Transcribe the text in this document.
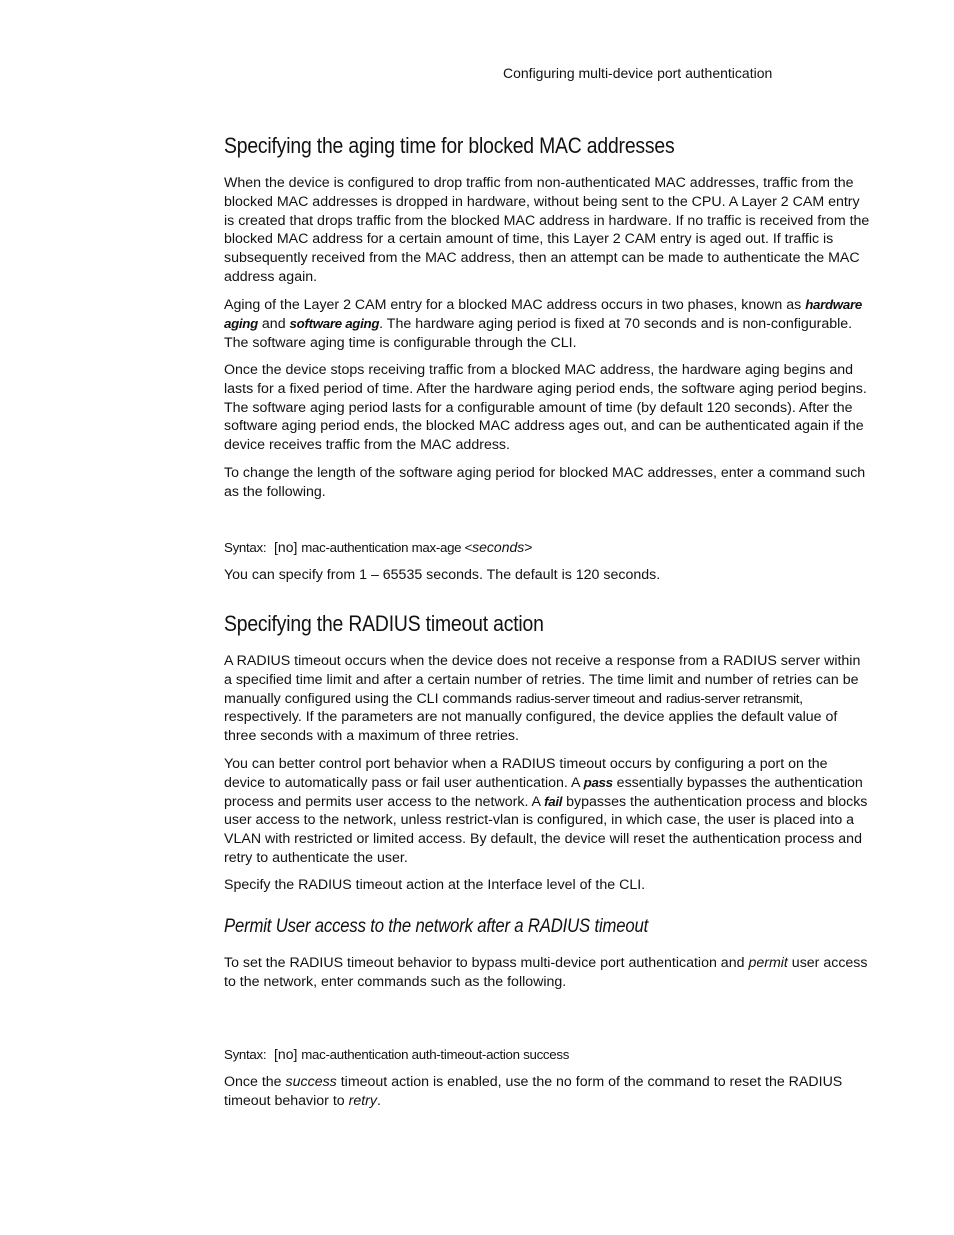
Configuring multi-device port authentication
Specifying the aging time for blocked MAC addresses

When the device is configured to drop traffic from non-authenticated MAC addresses, traffic from the blocked MAC addresses is dropped in hardware, without being sent to the CPU. A Layer 2 CAM entry is created that drops traffic from the blocked MAC address in hardware. If no traffic is received from the blocked MAC address for a certain amount of time, this Layer 2 CAM entry is aged out. If traffic is subsequently received from the MAC address, then an attempt can be made to authenticate the MAC address again.

Aging of the Layer 2 CAM entry for a blocked MAC address occurs in two phases, known as hardware aging and software aging. The hardware aging period is fixed at 70 seconds and is non-configurable. The software aging time is configurable through the CLI.

Once the device stops receiving traffic from a blocked MAC address, the hardware aging begins and lasts for a fixed period of time. After the hardware aging period ends, the software aging period begins. The software aging period lasts for a configurable amount of time (by default 120 seconds). After the software aging period ends, the blocked MAC address ages out, and can be authenticated again if the device receives traffic from the MAC address.

To change the length of the software aging period for blocked MAC addresses, enter a command such as the following.

Syntax: [no] mac-authentication max-age <seconds>

You can specify from 1 – 65535 seconds. The default is 120 seconds.

Specifying the RADIUS timeout action

A RADIUS timeout occurs when the device does not receive a response from a RADIUS server within a specified time limit and after a certain number of retries. The time limit and number of retries can be manually configured using the CLI commands radius-server timeout and radius-server retransmit, respectively. If the parameters are not manually configured, the device applies the default value of three seconds with a maximum of three retries.

You can better control port behavior when a RADIUS timeout occurs by configuring a port on the device to automatically pass or fail user authentication. A pass essentially bypasses the authentication process and permits user access to the network. A fail bypasses the authentication process and blocks user access to the network, unless restrict-vlan is configured, in which case, the user is placed into a VLAN with restricted or limited access. By default, the device will reset the authentication process and retry to authenticate the user.

Specify the RADIUS timeout action at the Interface level of the CLI.

Permit User access to the network after a RADIUS timeout

To set the RADIUS timeout behavior to bypass multi-device port authentication and permit user access to the network, enter commands such as the following.

Syntax: [no] mac-authentication auth-timeout-action success

Once the success timeout action is enabled, use the no form of the command to reset the RADIUS timeout behavior to retry.
